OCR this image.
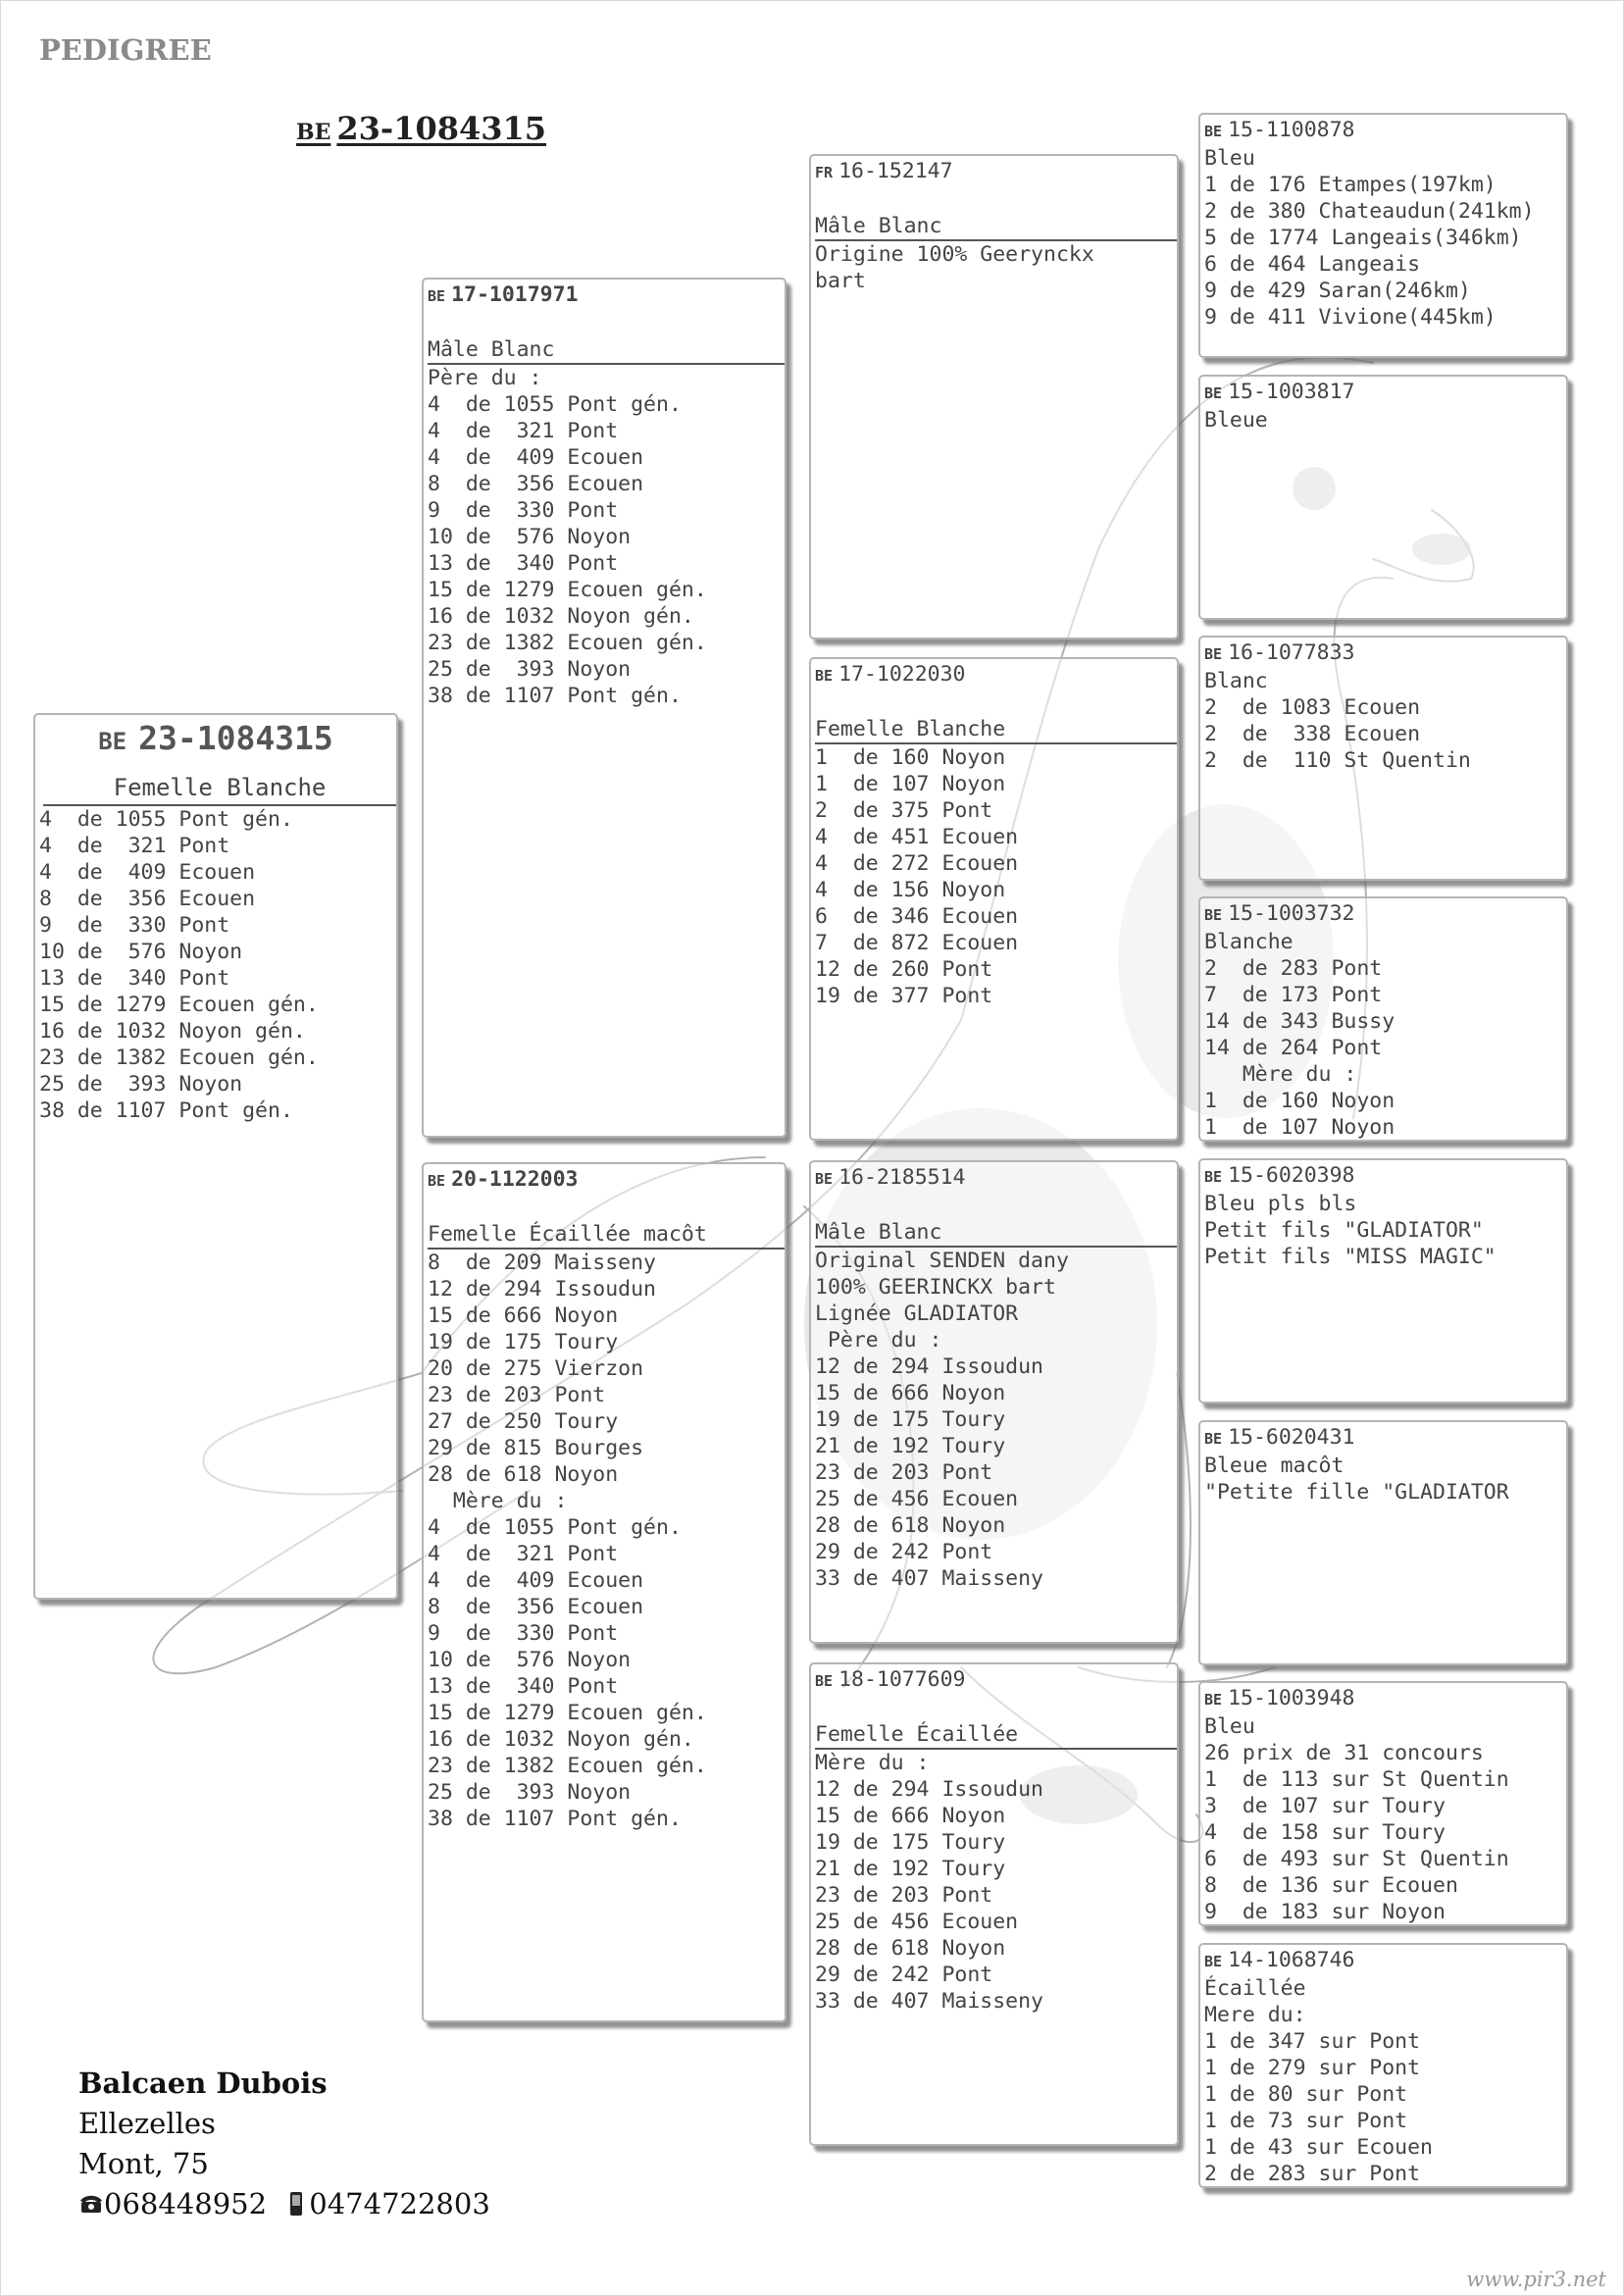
PEDIGREE
BE 23-1084315
BE 23-1084315
Femelle Blanche
4  de 1055 Pont gén.
4  de  321 Pont
4  de  409 Ecouen
8  de  356 Ecouen
9  de  330 Pont
10 de  576 Noyon
13 de  340 Pont
15 de 1279 Ecouen gén.
16 de 1032 Noyon gén.
23 de 1382 Ecouen gén.
25 de  393 Noyon
38 de 1107 Pont gén.
BE 17-1017971
Mâle Blanc
Père du :
4  de 1055 Pont gén.
4  de  321 Pont
4  de  409 Ecouen
8  de  356 Ecouen
9  de  330 Pont
10 de  576 Noyon
13 de  340 Pont
15 de 1279 Ecouen gén.
16 de 1032 Noyon gén.
23 de 1382 Ecouen gén.
25 de  393 Noyon
38 de 1107 Pont gén.
BE 20-1122003
Femelle Écaillée macôt
8  de 209 Maisseny
12 de 294 Issoudun
15 de 666 Noyon
19 de 175 Toury
20 de 275 Vierzon
23 de 203 Pont
27 de 250 Toury
29 de 815 Bourges
28 de 618 Noyon
Mère du :
4  de 1055 Pont gén.
4  de  321 Pont
4  de  409 Ecouen
8  de  356 Ecouen
9  de  330 Pont
10 de  576 Noyon
13 de  340 Pont
15 de 1279 Ecouen gén.
16 de 1032 Noyon gén.
23 de 1382 Ecouen gén.
25 de  393 Noyon
38 de 1107 Pont gén.
FR 16-152147
Mâle Blanc
Origine 100% Geerynckx
bart
BE 17-1022030
Femelle Blanche
1  de 160 Noyon
1  de 107 Noyon
2  de 375 Pont
4  de 451 Ecouen
4  de 272 Ecouen
4  de 156 Noyon
6  de 346 Ecouen
7  de 872 Ecouen
12 de 260 Pont
19 de 377 Pont
BE 16-2185514
Mâle Blanc
Original SENDEN dany
100% GEERINCKX bart
Lignée GLADIATOR
Père du :
12 de 294 Issoudun
15 de 666 Noyon
19 de 175 Toury
21 de 192 Toury
23 de 203 Pont
25 de 456 Ecouen
28 de 618 Noyon
29 de 242 Pont
33 de 407 Maisseny
BE 18-1077609
Femelle Écaillée
Mère du :
12 de 294 Issoudun
15 de 666 Noyon
19 de 175 Toury
21 de 192 Toury
23 de 203 Pont
25 de 456 Ecouen
28 de 618 Noyon
29 de 242 Pont
33 de 407 Maisseny
BE 15-1100878
Bleu
1 de 176 Etampes(197km)
2 de 380 Chateaudun(241km)
5 de 1774 Langeais(346km)
6 de 464 Langeais
9 de 429 Saran(246km)
9 de 411 Vivione(445km)
BE 15-1003817
Bleue
BE 16-1077833
Blanc
2  de 1083 Ecouen
2  de  338 Ecouen
2  de  110 St Quentin
BE 15-1003732
Blanche
2  de 283 Pont
7  de 173 Pont
14 de 343 Bussy
14 de 264 Pont
Mère du :
1  de 160 Noyon
1  de 107 Noyon
BE 15-6020398
Bleu pls bls
Petit fils "GLADIATOR"
Petit fils "MISS MAGIC"
BE 15-6020431
Bleue macôt
"Petite fille "GLADIATOR
BE 15-1003948
Bleu
26 prix de 31 concours
1  de 113 sur St Quentin
3  de 107 sur Toury
4  de 158 sur Toury
6  de 493 sur St Quentin
8  de 136 sur Ecouen
9  de 183 sur Noyon
BE 14-1068746
Écaillée
Mere du:
1 de 347 sur Pont
1 de 279 sur Pont
1 de 80 sur Pont
1 de 73 sur Pont
1 de 43 sur Ecouen
2 de 283 sur Pont
Balcaen Dubois
Ellezelles
Mont, 75
068448952 0474722803
www.pir3.net
